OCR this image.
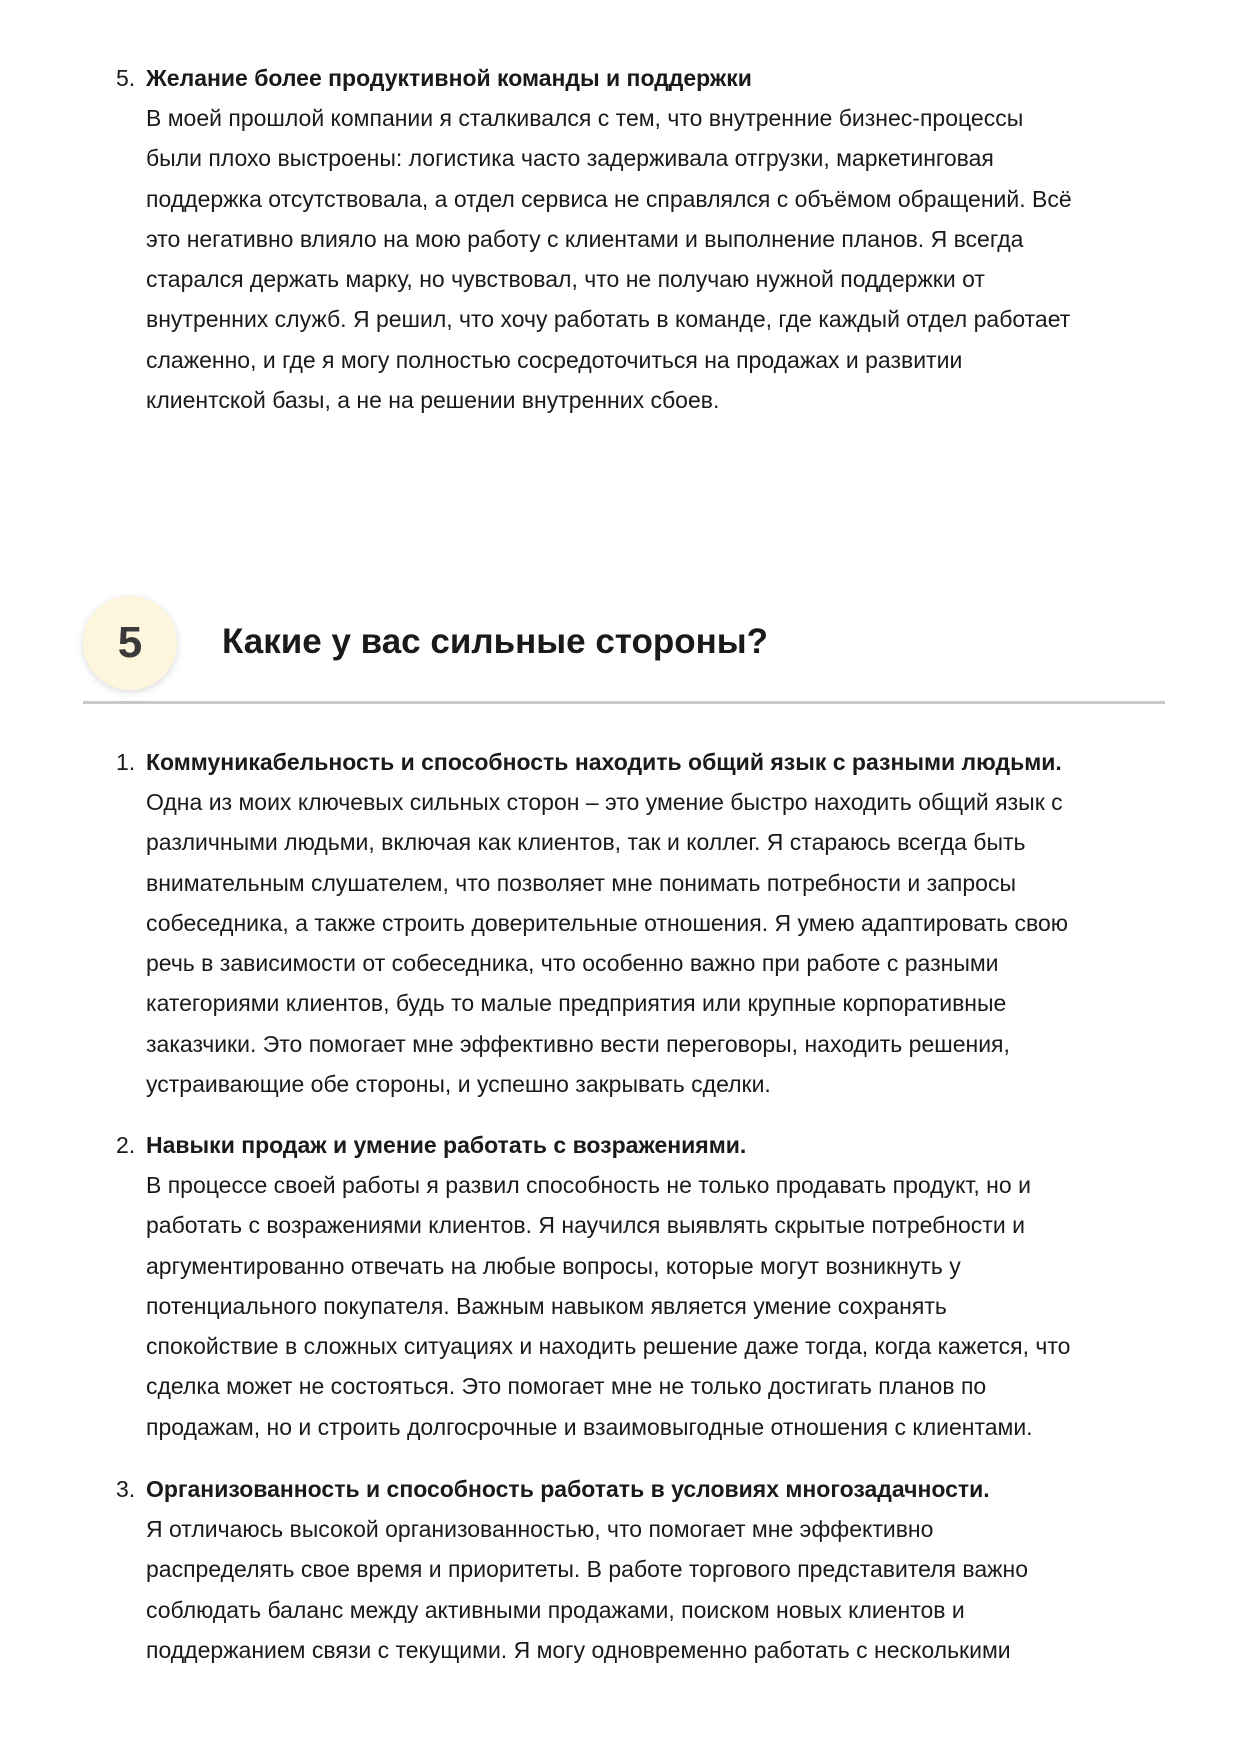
5. Желание более продуктивной команды и поддержки
В моей прошлой компании я сталкивался с тем, что внутренние бизнес-процессы
были плохо выстроены: логистика часто задерживала отгрузки, маркетинговая
поддержка отсутствовала, а отдел сервиса не справлялся с объёмом обращений. Всё
это негативно влияло на мою работу с клиентами и выполнение планов. Я всегда
старался держать марку, но чувствовал, что не получаю нужной поддержки от
внутренних служб. Я решил, что хочу работать в команде, где каждый отдел работает
слаженно, и где я могу полностью сосредоточиться на продажах и развитии
клиентской базы, а не на решении внутренних сбоев.
5	Какие у вас сильные стороны?
1. Коммуникабельность и способность находить общий язык с разными людьми.
Одна из моих ключевых сильных сторон – это умение быстро находить общий язык с
различными людьми, включая как клиентов, так и коллег. Я стараюсь всегда быть
внимательным слушателем, что позволяет мне понимать потребности и запросы
собеседника, а также строить доверительные отношения. Я умею адаптировать свою
речь в зависимости от собеседника, что особенно важно при работе с разными
категориями клиентов, будь то малые предприятия или крупные корпоративные
заказчики. Это помогает мне эффективно вести переговоры, находить решения,
устраивающие обе стороны, и успешно закрывать сделки.
2. Навыки продаж и умение работать с возражениями.
В процессе своей работы я развил способность не только продавать продукт, но и
работать с возражениями клиентов. Я научился выявлять скрытые потребности и
аргументированно отвечать на любые вопросы, которые могут возникнуть у
потенциального покупателя. Важным навыком является умение сохранять
спокойствие в сложных ситуациях и находить решение даже тогда, когда кажется, что
сделка может не состояться. Это помогает мне не только достигать планов по
продажам, но и строить долгосрочные и взаимовыгодные отношения с клиентами.
3. Организованность и способность работать в условиях многозадачности.
Я отличаюсь высокой организованностью, что помогает мне эффективно
распределять свое время и приоритеты. В работе торгового представителя важно
соблюдать баланс между активными продажами, поиском новых клиентов и
поддержанием связи с текущими. Я могу одновременно работать с несколькими
